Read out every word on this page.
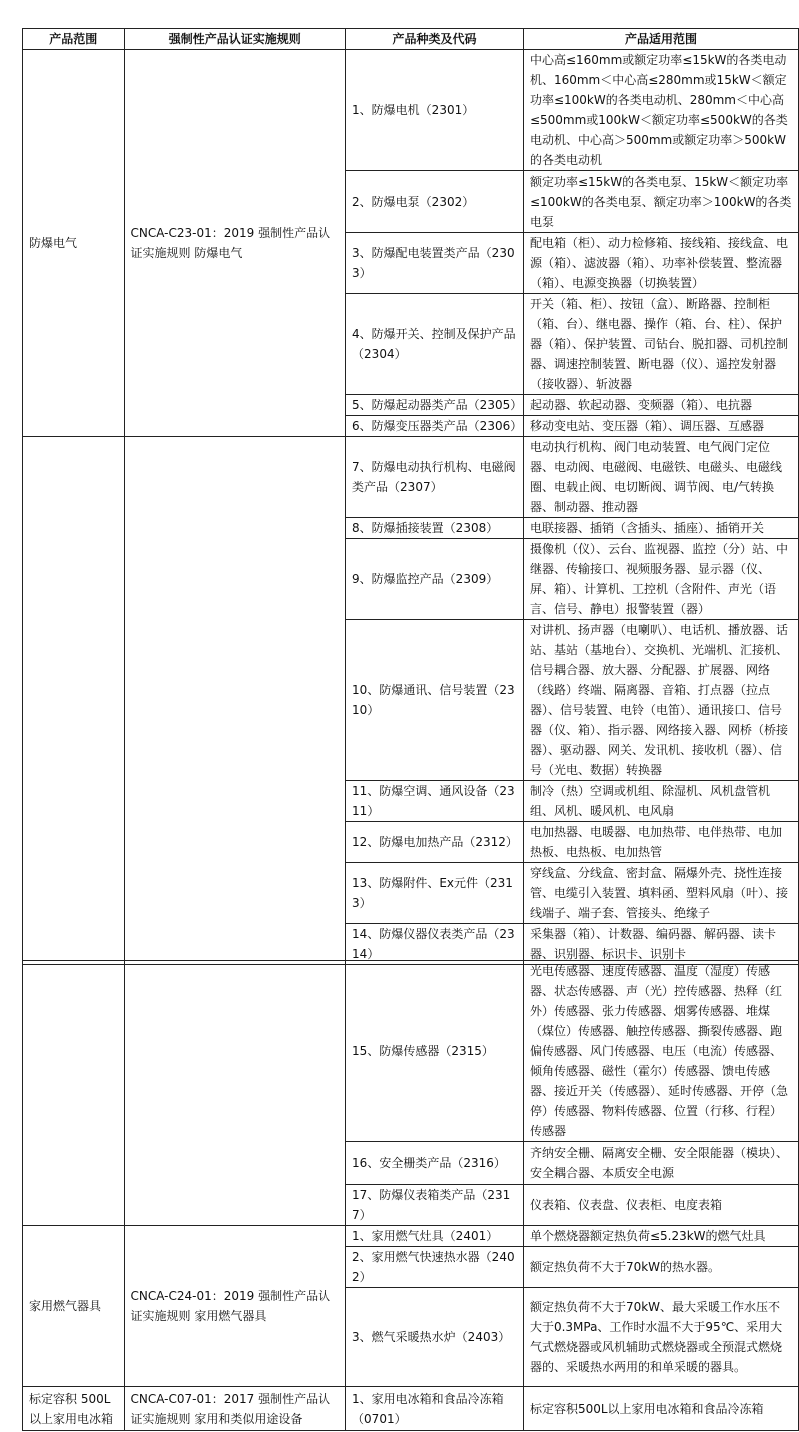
产品范围	强制性产品认证实施规则	产品种类及代码	产品适用范围
防爆电气	CNCA-C23-01：2019 强制性产品认证实施规则 防爆电气	1、防爆电机（2301）	中心高≤160mm或额定功率≤15kW的各类电动机、160mm＜中心高≤280mm或15kW＜额定功率≤100kW的各类电动机、280mm＜中心高≤500mm或100kW＜额定功率≤500kW的各类电动机、中心高＞500mm或额定功率＞500kW的各类电动机
		2、防爆电泵（2302）	额定功率≤15kW的各类电泵、15kW＜额定功率≤100kW的各类电泵、额定功率＞100kW的各类电泵
		3、防爆配电装置类产品（2303）	配电箱（柜）、动力检修箱、接线箱、接线盒、电源（箱）、滤波器（箱）、功率补偿装置、整流器（箱）、电源变换器（切换装置）
		4、防爆开关、控制及保护产品（2304）	开关（箱、柜）、按钮（盒）、断路器、控制柜（箱、台）、继电器、操作（箱、台、柱）、保护器（箱）、保护装置、司钻台、脱扣器、司机控制器、调速控制装置、断电器（仪）、遥控发射器（接收器）、斩波器
		5、防爆起动器类产品（2305）	起动器、软起动器、变频器（箱）、电抗器
		6、防爆变压器类产品（2306）	移动变电站、变压器（箱）、调压器、互感器
		7、防爆电动执行机构、电磁阀类产品（2307）	电动执行机构、阀门电动装置、电气阀门定位器、电动阀、电磁阀、电磁铁、电磁头、电磁线圈、电载止阀、电切断阀、调节阀、电/气转换器、制动器、推动器
		8、防爆插接装置（2308）	电联接器、插销（含插头、插座）、插销开关
		9、防爆监控产品（2309）	摄像机（仪）、云台、监视器、监控（分）站、中继器、传输接口、视频服务器、显示器（仪、屏、箱）、计算机、工控机（含附件、声光（语言、信号、静电）报警装置（器）
		10、防爆通讯、信号装置（2310）	对讲机、扬声器（电喇叭）、电话机、播放器、话站、基站（基地台）、交换机、光端机、汇接机、信号耦合器、放大器、分配器、扩展器、网络（线路）终端、隔离器、音箱、打点器（拉点器）、信号装置、电铃（电笛）、通讯接口、信号器（仪、箱）、指示器、网络接入器、网桥（桥接器）、驱动器、网关、发讯机、接收机（器）、信号（光电、数据）转换器
		11、防爆空调、通风设备（2311）	制冷（热）空调或机组、除湿机、风机盘管机组、风机、暖风机、电风扇
		12、防爆电加热产品（2312）	电加热器、电暖器、电加热带、电伴热带、电加热板、电热板、电加热管
		13、防爆附件、Ex元件（2313）	穿线盒、分线盒、密封盒、隔爆外壳、挠性连接管、电缆引入装置、填料函、塑料风扇（叶）、接线端子、端子套、管接头、绝缘子
		14、防爆仪器仪表类产品（2314）	采集器（箱）、计数器、编码器、解码器、读卡器、识别器、标识卡、识别卡
		15、防爆传感器（2315）	光电传感器、速度传感器、温度（湿度）传感器、状态传感器、声（光）控传感器、热释（红外）传感器、张力传感器、烟雾传感器、堆煤（煤位）传感器、触控传感器、撕裂传感器、跑偏传感器、风门传感器、电压（电流）传感器、倾角传感器、磁性（霍尔）传感器、馈电传感器、接近开关（传感器）、延时传感器、开停（急停）传感器、物料传感器、位置（行移、行程）传感器
		16、安全栅类产品（2316）	齐纳安全栅、隔离安全栅、安全限能器（模块）、安全耦合器、本质安全电源
		17、防爆仪表箱类产品（2317）	仪表箱、仪表盘、仪表柜、电度表箱
家用燃气器具	CNCA-C24-01：2019 强制性产品认证实施规则 家用燃气器具	1、家用燃气灶具（2401）	单个燃烧器额定热负荷≤5.23kW的燃气灶具
		2、家用燃气快速热水器（2402）	额定热负荷不大于70kW的热水器。
		3、燃气采暖热水炉（2403）	额定热负荷不大于70kW、最大采暖工作水压不大于0.3MPa、工作时水温不大于95℃、采用大气式燃烧器或风机辅助式燃烧器或全预混式燃烧器的、采暖热水两用的和单采暖的器具。
标定容积 500L以上家用电冰箱	CNCA-C07-01：2017 强制性产品认证实施规则 家用和类似用途设备	1、家用电冰箱和食品冷冻箱（0701）	标定容积500L以上家用电冰箱和食品冷冻箱
